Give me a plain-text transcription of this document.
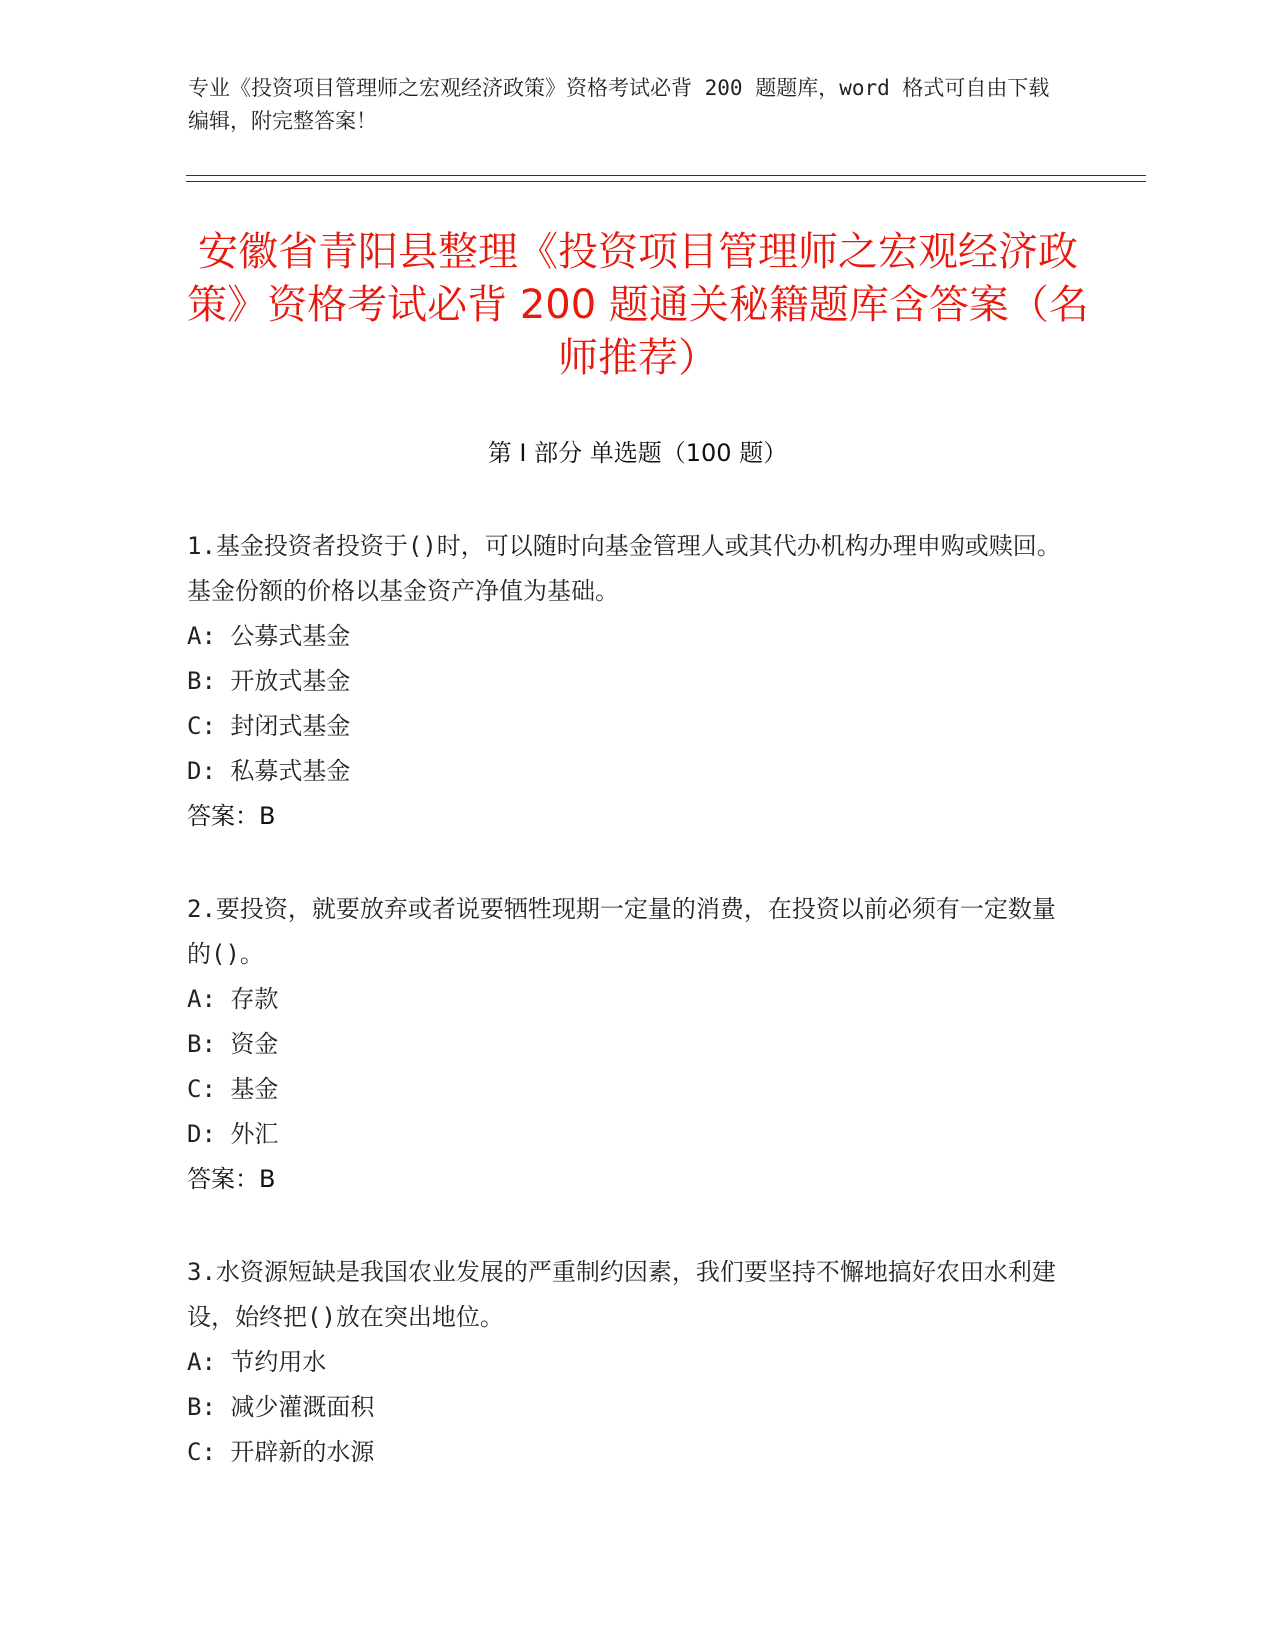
专业《投资项目管理师之宏观经济政策》资格考试必背 200 题题库，word 格式可自由下载编辑，附完整答案！
安徽省青阳县整理《投资项目管理师之宏观经济政策》资格考试必背 200 题通关秘籍题库含答案（名师推荐）
第 I 部分 单选题（100 题）
1.基金投资者投资于()时，可以随时向基金管理人或其代办机构办理申购或赎回。基金份额的价格以基金资产净值为基础。
A: 公募式基金
B: 开放式基金
C: 封闭式基金
D: 私募式基金
答案：B
2.要投资，就要放弃或者说要牺牲现期一定量的消费，在投资以前必须有一定数量的()。
A: 存款
B: 资金
C: 基金
D: 外汇
答案：B
3.水资源短缺是我国农业发展的严重制约因素，我们要坚持不懈地搞好农田水利建设，始终把()放在突出地位。
A: 节约用水
B: 减少灌溉面积
C: 开辟新的水源
